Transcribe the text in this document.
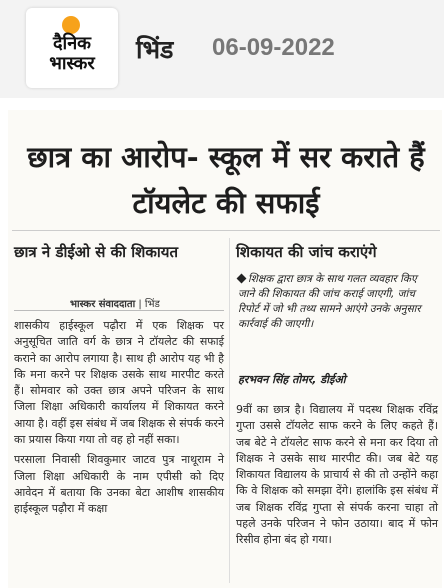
दैनिक
भास्कर	भिंड 06-09-2022
छात्र का आरोप- स्कूल में सर कराते हैं टॉयलेट की सफाई
छात्र ने डीईओ से की शिकायत	शिकायत की जांच कराएंगे
भास्कर संवाददाता | भिंड
शिक्षक द्वारा छात्र के साथ गलत व्यवहार किए जाने की शिकायत की जांच कराई जाएगी, जांच रिपोर्ट में जो भी तथ्य सामने आएंगे उनके अनुसार कार्रवाई की जाएगी।
हरभवन सिंह तोमर, डीईओ

शासकीय हाईस्कूल पढ़ौरा में एक शिक्षक पर अनुसूचित जाति वर्ग के छात्र ने टॉयलेट की सफाई कराने का आरोप लगाया है। साथ ही आरोप यह भी है कि मना करने पर शिक्षक उसके साथ मारपीट करते हैं। सोमवार को उक्त छात्र अपने परिजन के साथ जिला शिक्षा अधिकारी कार्यालय में शिकायत करने आया है। वहीं इस संबंध में जब शिक्षक से संपर्क करने का प्रयास किया गया तो वह हो नहीं सका।

परसाला निवासी शिवकुमार जाटव पुत्र नाथूराम ने जिला शिक्षा अधिकारी के नाम एपीसी को दिए आवेदन में बताया कि उनका बेटा आशीष शासकीय हाईस्कूल पढ़ौरा में कक्षा

9वीं का छात्र है। विद्यालय में पदस्थ शिक्षक रविंद्र गुप्ता उससे टॉयलेट साफ करने के लिए कहते हैं। जब बेटे ने टॉयलेट साफ करने से मना कर दिया तो शिक्षक ने उसके साथ मारपीट की। जब बेटे यह शिकायत विद्यालय के प्राचार्य से की तो उन्होंने कहा कि वे शिक्षक को समझा देंगे। हालांकि इस संबंध में जब शिक्षक रविंद्र गुप्ता से संपर्क करना चाहा तो पहले उनके परिजन ने फोन उठाया। बाद में फोन रिसीव होना बंद हो गया।
